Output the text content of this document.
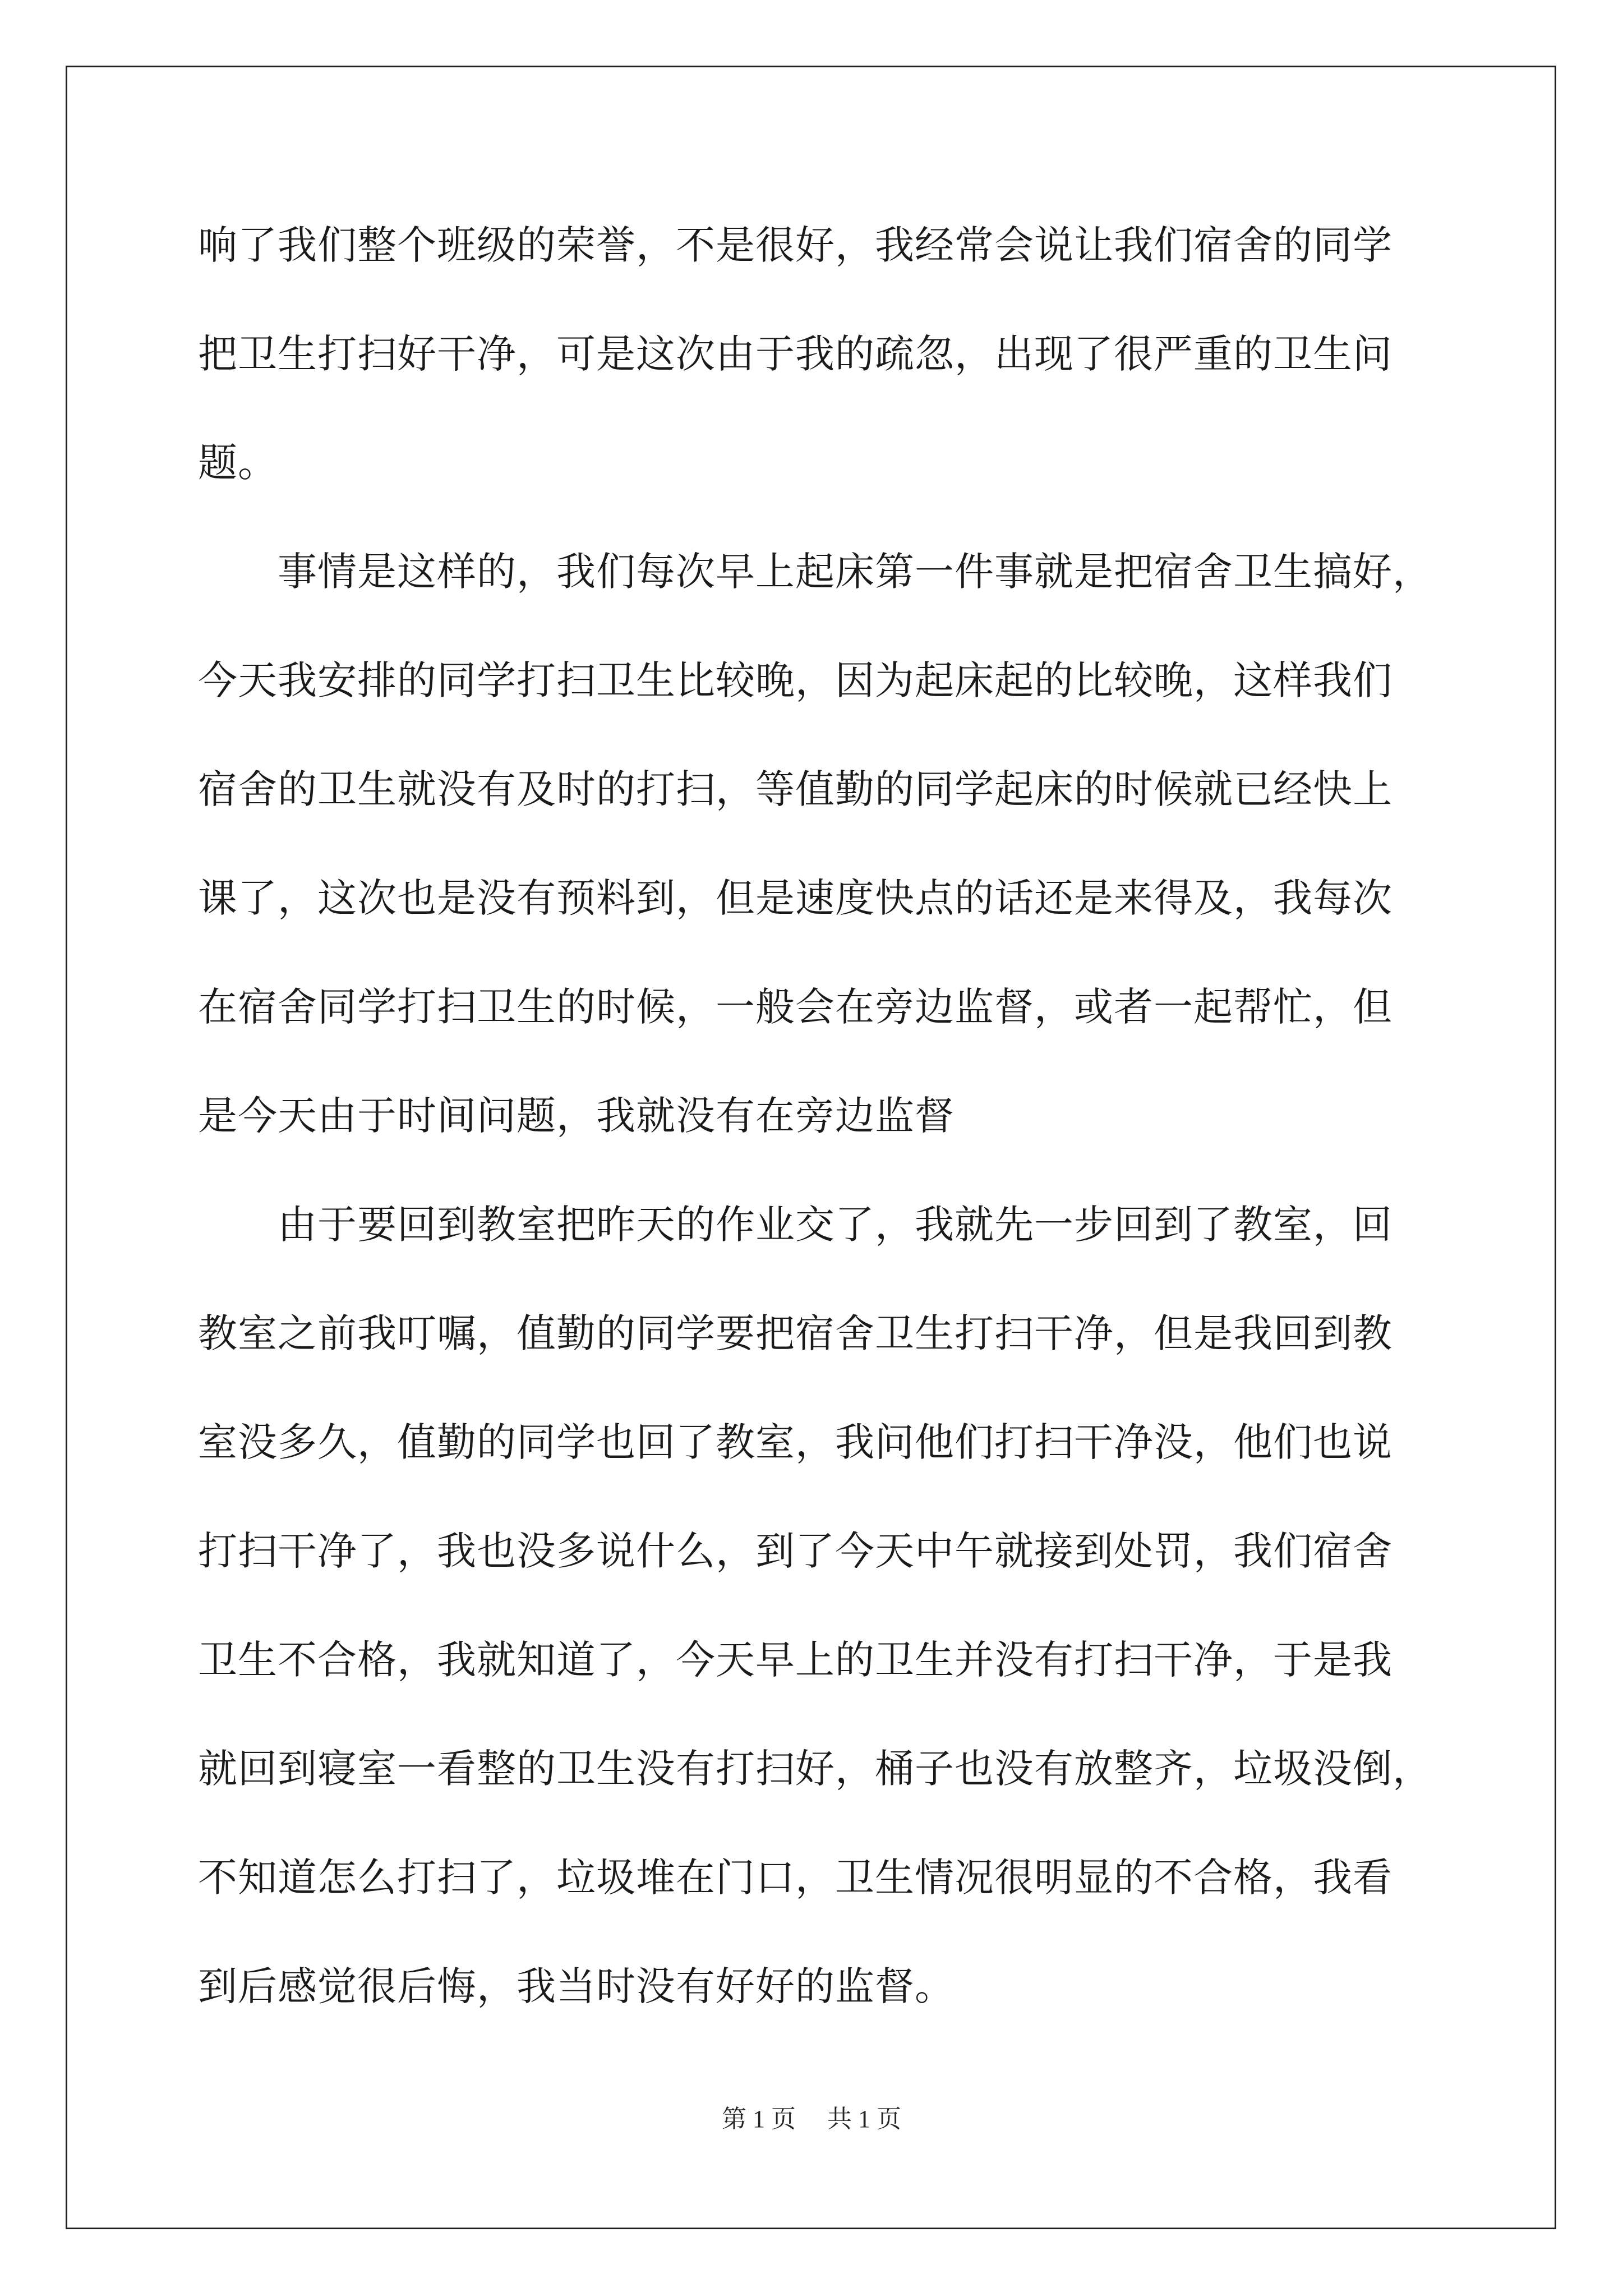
响了我们整个班级的荣誉，不是很好，我经常会说让我们宿舍的同学
把卫生打扫好干净，可是这次由于我的疏忽，出现了很严重的卫生问
题。
　　事情是这样的，我们每次早上起床第一件事就是把宿舍卫生搞好，
今天我安排的同学打扫卫生比较晚，因为起床起的比较晚，这样我们
宿舍的卫生就没有及时的打扫，等值勤的同学起床的时候就已经快上
课了，这次也是没有预料到，但是速度快点的话还是来得及，我每次
在宿舍同学打扫卫生的时候，一般会在旁边监督，或者一起帮忙，但
是今天由于时间问题，我就没有在旁边监督
　　由于要回到教室把昨天的作业交了，我就先一步回到了教室，回
教室之前我叮嘱，值勤的同学要把宿舍卫生打扫干净，但是我回到教
室没多久，值勤的同学也回了教室，我问他们打扫干净没，他们也说
打扫干净了，我也没多说什么，到了今天中午就接到处罚，我们宿舍
卫生不合格，我就知道了，今天早上的卫生并没有打扫干净，于是我
就回到寝室一看整的卫生没有打扫好，桶子也没有放整齐，垃圾没倒，
不知道怎么打扫了，垃圾堆在门口，卫生情况很明显的不合格，我看
到后感觉很后悔，我当时没有好好的监督。
第 1 页 共 1 页
